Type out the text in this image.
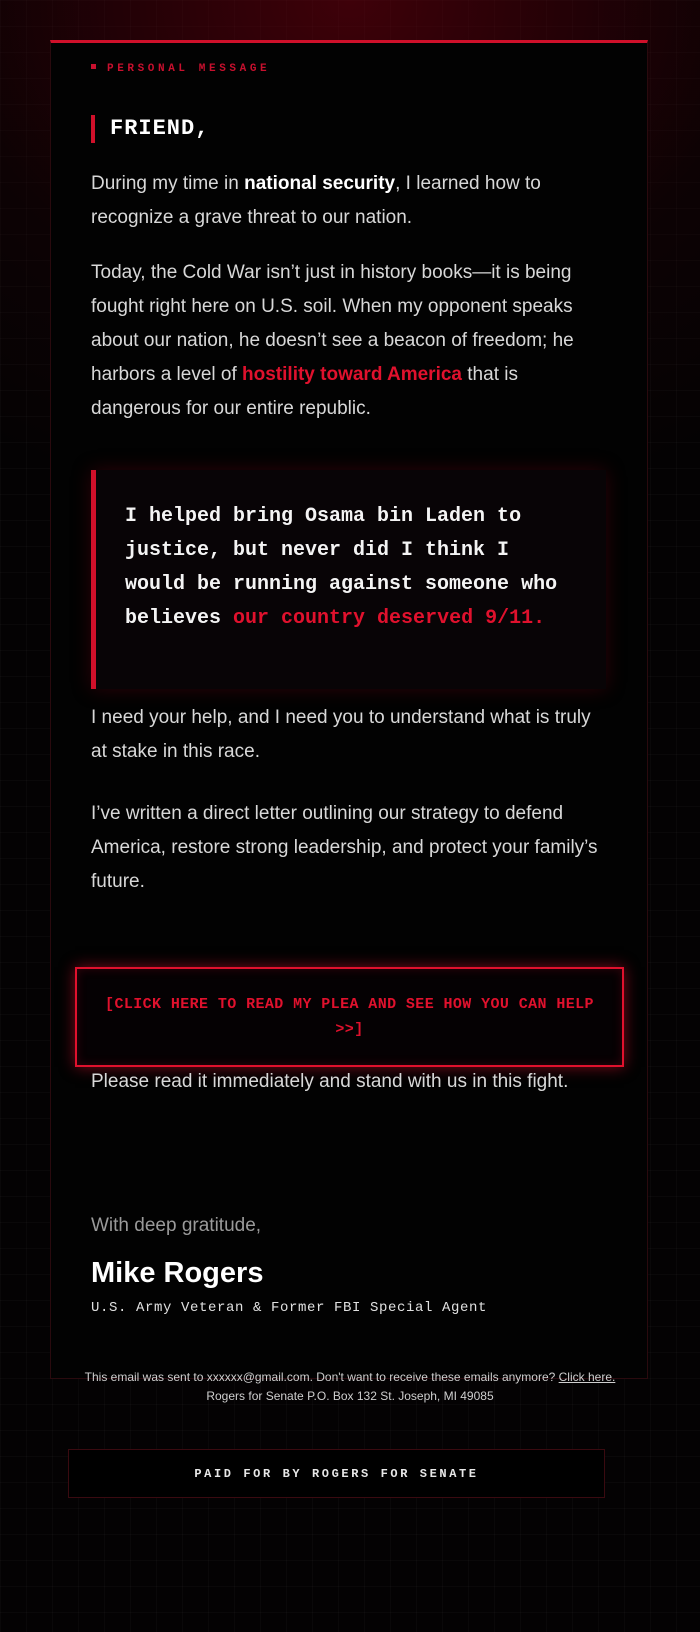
PERSONAL MESSAGE
FRIEND,
During my time in national security, I learned how to recognize a grave threat to our nation.
Today, the Cold War isn’t just in history books—it is being fought right here on U.S. soil. When my opponent speaks about our nation, he doesn’t see a beacon of freedom; he harbors a level of hostility toward America that is dangerous for our entire republic.
I helped bring Osama bin Laden to justice, but never did I think I would be running against someone who believes our country deserved 9/11.
I need your help, and I need you to understand what is truly at stake in this race.
I’ve written a direct letter outlining our strategy to defend America, restore strong leadership, and protect your family’s future.
[CLICK HERE TO READ MY PLEA AND SEE HOW YOU CAN HELP >>]
Please read it immediately and stand with us in this fight.
With deep gratitude,
Mike Rogers
U.S. Army Veteran & Former FBI Special Agent
This email was sent to xxxxxx@gmail.com. Don't want to receive these emails anymore? Click here.
Rogers for Senate P.O. Box 132 St. Joseph, MI 49085
PAID FOR BY ROGERS FOR SENATE
